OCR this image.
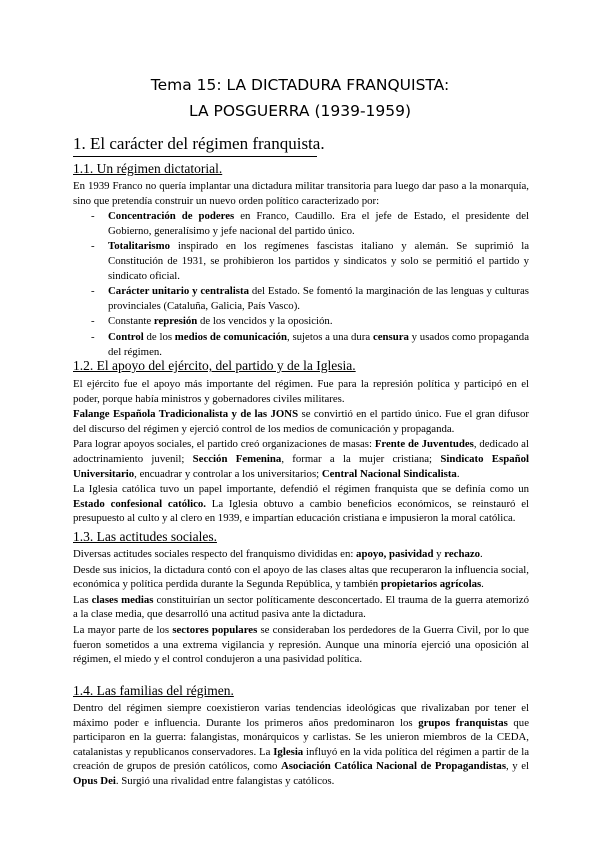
Tema 15: LA DICTADURA FRANQUISTA:
LA POSGUERRA (1939-1959)
1. El carácter del régimen franquista.
1.1. Un régimen dictatorial.

En 1939 Franco no quería implantar una dictadura militar transitoria para luego dar paso a la monarquía, sino que pretendía construir un nuevo orden político caracterizado por:

- Concentración de poderes en Franco, Caudillo. Era el jefe de Estado, el presidente del Gobierno, generalísimo y jefe nacional del partido único.
- Totalitarismo inspirado en los regímenes fascistas italiano y alemán. Se suprimió la Constitución de 1931, se prohibieron los partidos y sindicatos y solo se permitió el partido y sindicato oficial.
- Carácter unitario y centralista del Estado. Se fomentó la marginación de las lenguas y culturas provinciales (Cataluña, Galicia, País Vasco).
- Constante represión de los vencidos y la oposición.
- Control de los medios de comunicación, sujetos a una dura censura y usados como propaganda del régimen.
1.2. El apoyo del ejército, del partido y de la Iglesia.

El ejército fue el apoyo más importante del régimen. Fue para la represión política y participó en el poder, porque había ministros y gobernadores civiles militares.

Falange Española Tradicionalista y de las JONS se convirtió en el partido único. Fue el gran difusor del discurso del régimen y ejerció control de los medios de comunicación y propaganda.

Para lograr apoyos sociales, el partido creó organizaciones de masas: Frente de Juventudes, dedicado al adoctrinamiento juvenil; Sección Femenina, formar a la mujer cristiana; Sindicato Español Universitario, encuadrar y controlar a los universitarios; Central Nacional Sindicalista.

La Iglesia católica tuvo un papel importante, defendió el régimen franquista que se definía como un Estado confesional católico. La Iglesia obtuvo a cambio beneficios económicos, se reinstauró el presupuesto al culto y al clero en 1939, e impartían educación cristiana e impusieron la moral católica.

1.3. Las actitudes sociales.

Diversas actitudes sociales respecto del franquismo divididas en: apoyo, pasividad y rechazo.

Desde sus inicios, la dictadura contó con el apoyo de las clases altas que recuperaron la influencia social, económica y política perdida durante la Segunda República, y también propietarios agrícolas.

Las clases medias constituirían un sector políticamente desconcertado. El trauma de la guerra atemorizó a la clase media, que desarrolló una actitud pasiva ante la dictadura.

La mayor parte de los sectores populares se consideraban los perdedores de la Guerra Civil, por lo que fueron sometidos a una extrema vigilancia y represión. Aunque una minoría ejerció una oposición al régimen, el miedo y el control condujeron a una pasividad política.

1.4. Las familias del régimen.

Dentro del régimen siempre coexistieron varias tendencias ideológicas que rivalizaban por tener el máximo poder e influencia. Durante los primeros años predominaron los grupos franquistas que participaron en la guerra: falangistas, monárquicos y carlistas. Se les unieron miembros de la CEDA, catalanistas y republicanos conservadores. La Iglesia influyó en la vida política del régimen a partir de la creación de grupos de presión católicos, como Asociación Católica Nacional de Propagandistas, y el Opus Dei. Surgió una rivalidad entre falangistas y católicos.
